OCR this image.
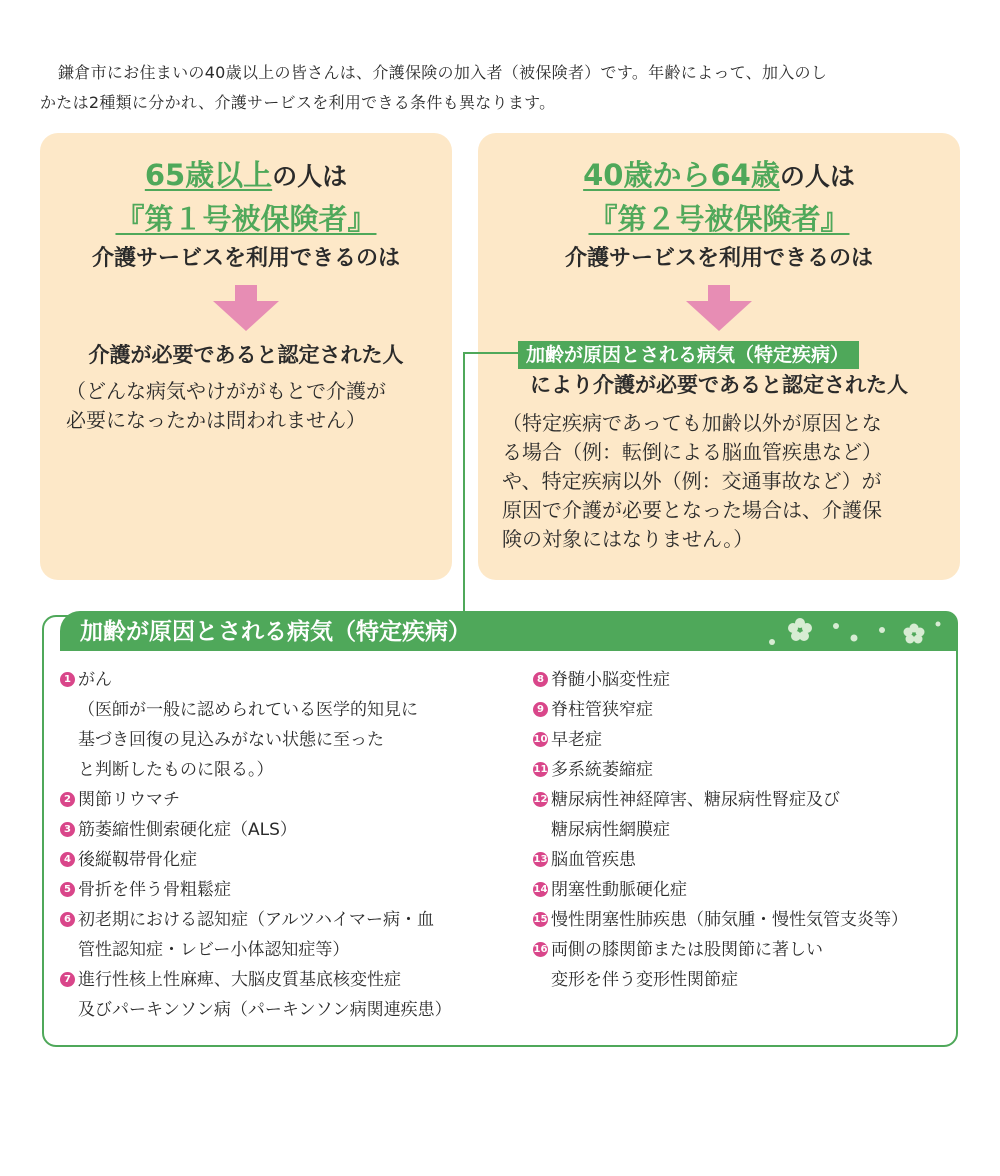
鎌倉市にお住まいの40歳以上の皆さんは、介護保険の加入者（被保険者）です。年齢によって、加入のし

かたは2種類に分かれ、介護サービスを利用できる条件も異なります。

65歳以上の人は
『第１号被保険者』
介護サービスを利用できるのは
介護が必要であると認定された人
（どんな病気やけががもとで介護が
必要になったかは問われません）
40歳から64歳の人は
『第２号被保険者』
介護サービスを利用できるのは
により介護が必要であると認定された人
（特定疾病であっても加齢以外が原因とな
る場合（例：転倒による脳血管疾患など）
や、特定疾病以外（例：交通事故など）が
原因で介護が必要となった場合は、介護保
険の対象にはなりません。）
加齢が原因とされる病気（特定疾病）
加齢が原因とされる病気（特定疾病）
1 がん
（医師が一般に認められている医学的知見に
基づき回復の見込みがない状態に至った
と判断したものに限る。）
2 関節リウマチ
3 筋萎縮性側索硬化症（ALS）
4 後縦靱帯骨化症
5 骨折を伴う骨粗鬆症
6 初老期における認知症（アルツハイマー病・血
管性認知症・レビー小体認知症等）
7 進行性核上性麻痺、大脳皮質基底核変性症
及びパーキンソン病（パーキンソン病関連疾患）
8 脊髄小脳変性症
9 脊柱管狭窄症
10 早老症
11 多系統萎縮症
12 糖尿病性神経障害、糖尿病性腎症及び
糖尿病性網膜症
13 脳血管疾患
14 閉塞性動脈硬化症
15 慢性閉塞性肺疾患（肺気腫・慢性気管支炎等）
16 両側の膝関節または股関節に著しい
変形を伴う変形性関節症
